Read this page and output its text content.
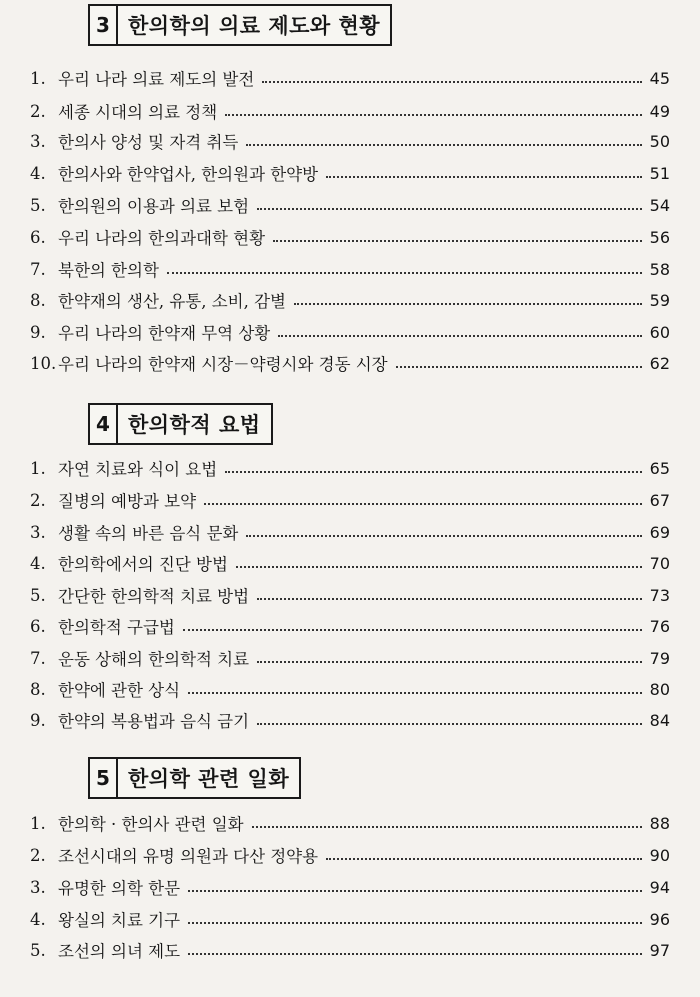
3 한의학의 의료 제도와 현황
1. 우리 나라 의료 제도의 발전	45
2. 세종 시대의 의료 정책	49
3. 한의사 양성 및 자격 취득	50
4. 한의사와 한약업사, 한의원과 한약방	51
5. 한의원의 이용과 의료 보험	54
6. 우리 나라의 한의과대학 현황	56
7. 북한의 한의학	58
8. 한약재의 생산, 유통, 소비, 감별	59
9. 우리 나라의 한약재 무역 상황	60
10. 우리 나라의 한약재 시장－약령시와 경동 시장	62
4 한의학적 요법
1. 자연 치료와 식이 요법	65
2. 질병의 예방과 보약	67
3. 생활 속의 바른 음식 문화	69
4. 한의학에서의 진단 방법	70
5. 간단한 한의학적 치료 방법	73
6. 한의학적 구급법	76
7. 운동 상해의 한의학적 치료	79
8. 한약에 관한 상식	80
9. 한약의 복용법과 음식 금기	84
5 한의학 관련 일화
1. 한의학 · 한의사 관련 일화	88
2. 조선시대의 유명 의원과 다산 정약용	90
3. 유명한 의학 한문	94
4. 왕실의 치료 기구	96
5. 조선의 의녀 제도	97
